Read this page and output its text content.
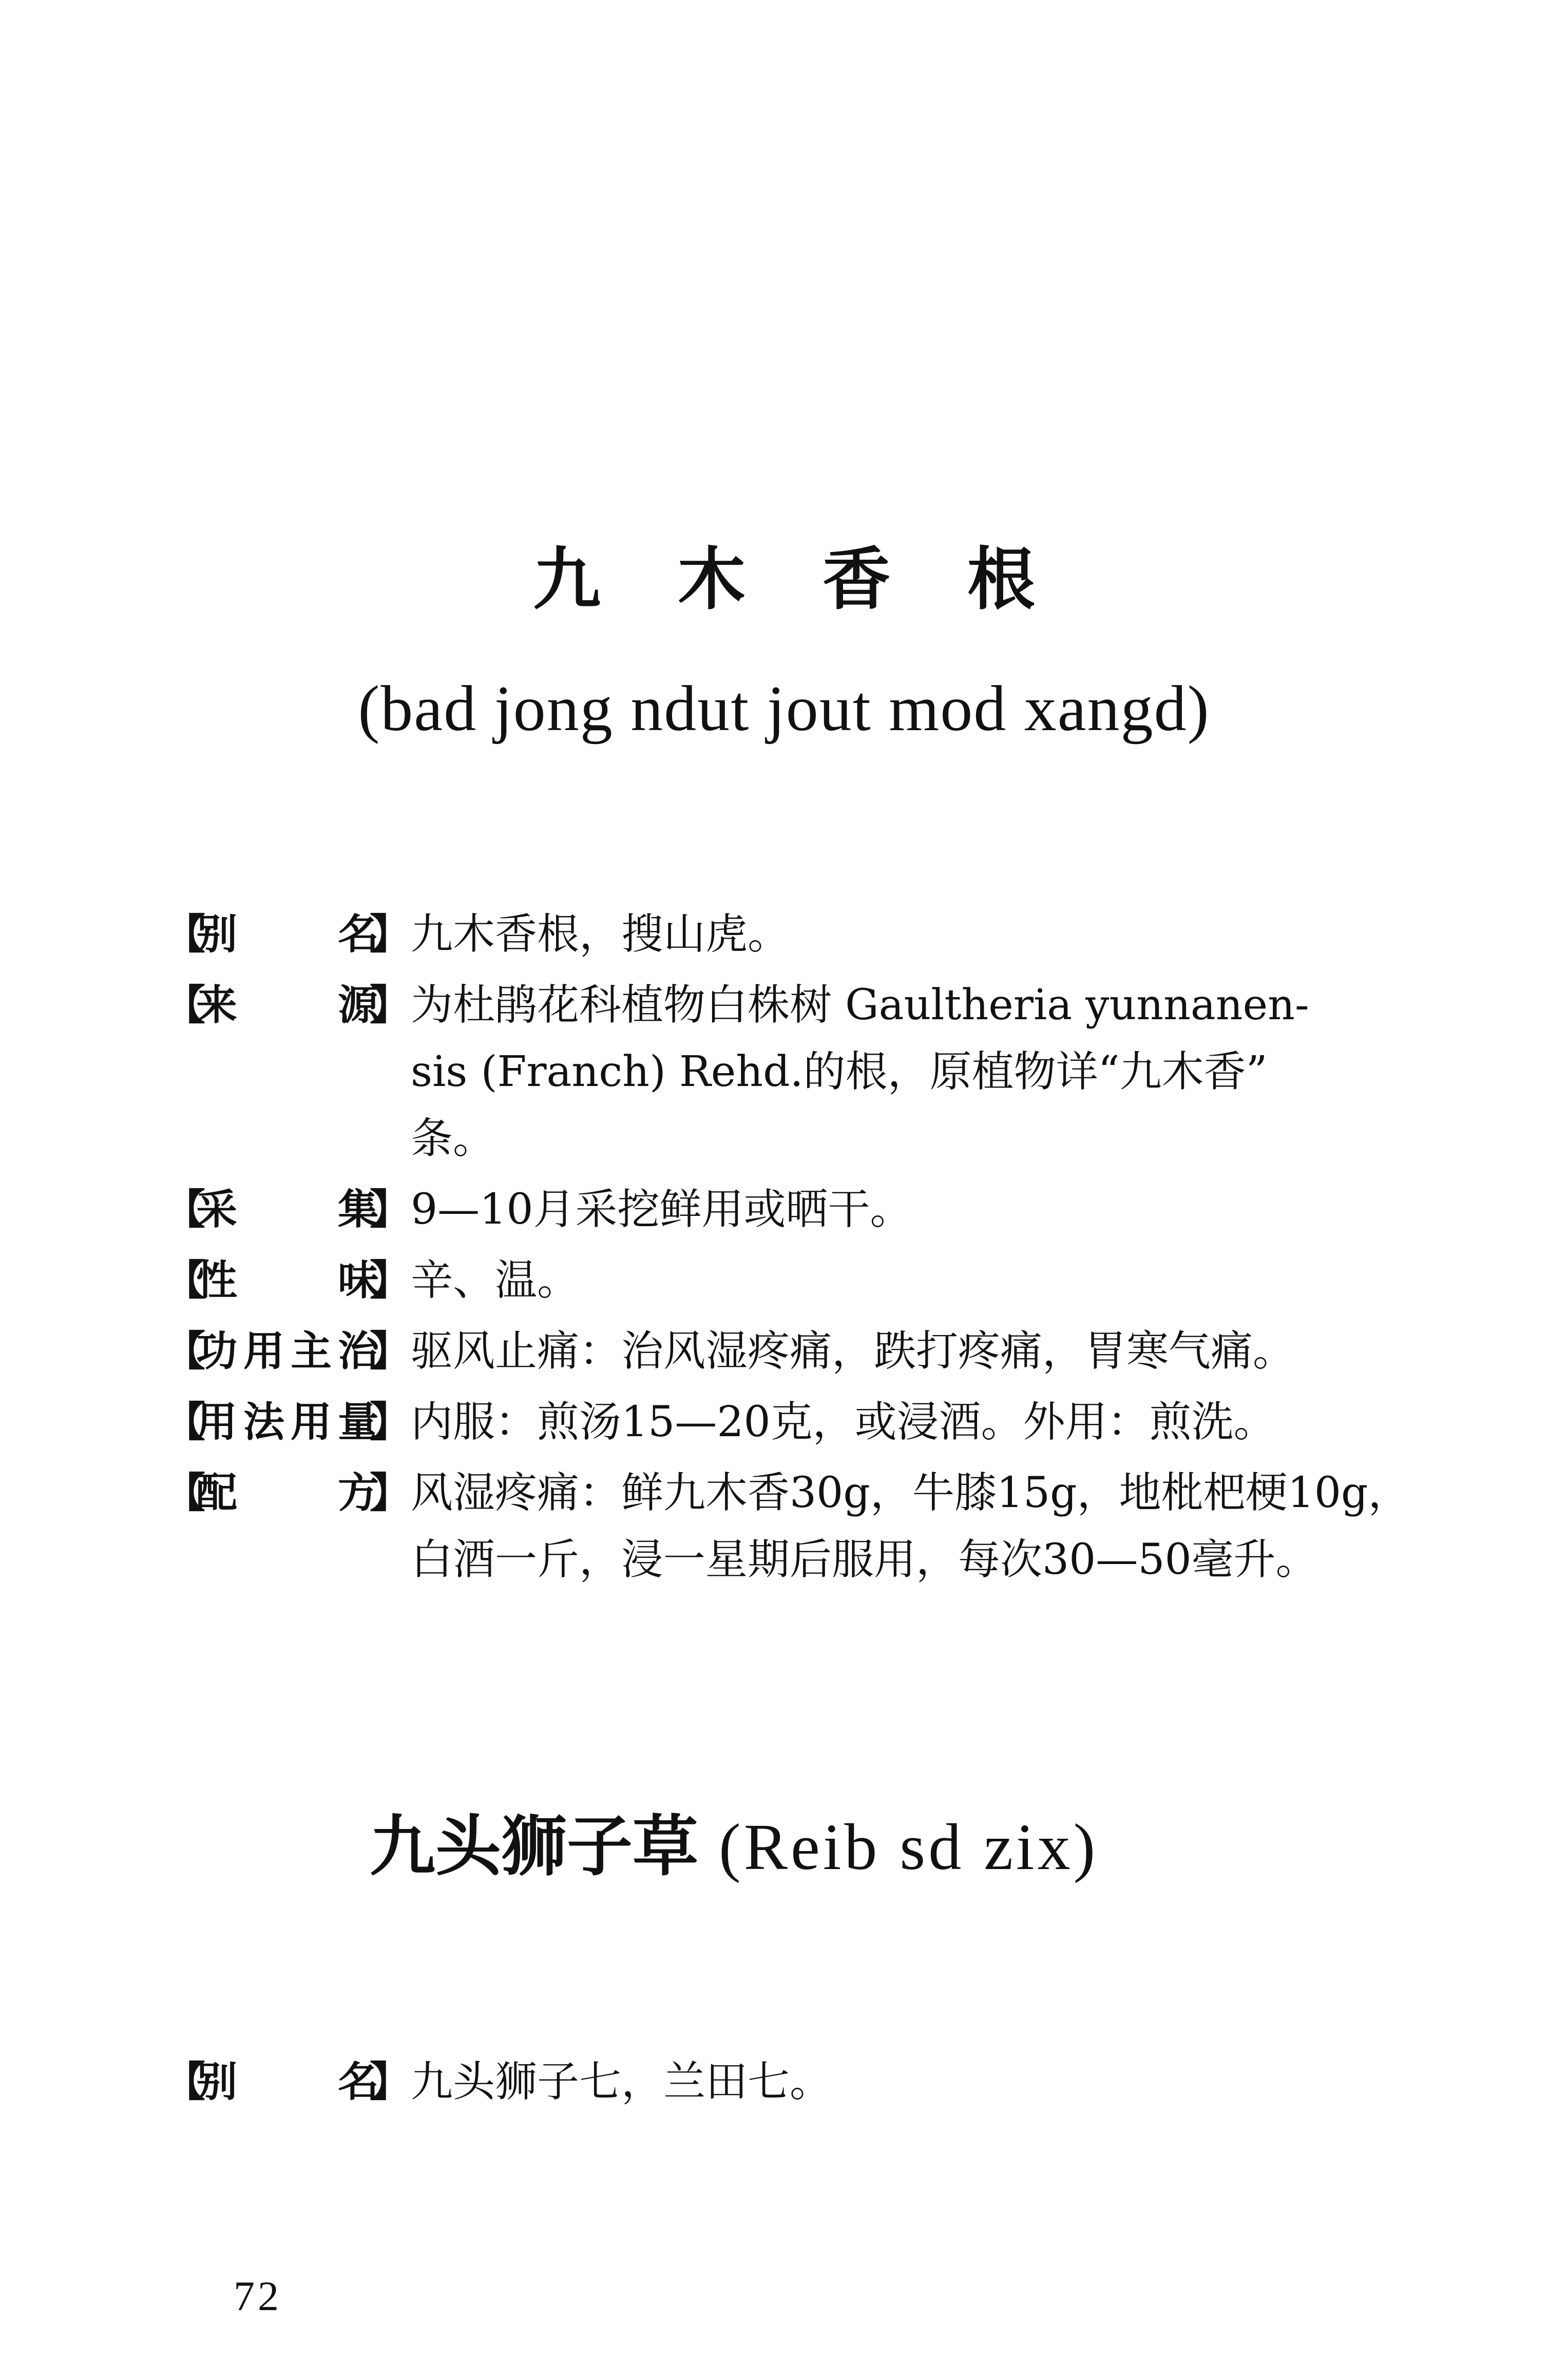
九木香根
(bad jong ndut jout mod xangd)
【
别 名
】 九木香根，搜山虎。
【
来 源
】 为杜鹃花科植物白株树 Gaultheria yunnanen-
sis (Franch) Rehd.的根，原植物详“九木香”
条。
【
采 集
】 9—10月采挖鲜用或晒干。
【
性 味
】 辛、温。
【
功 用 主 治
】 驱风止痛：治风湿疼痛，跌打疼痛，胃寒气痛。
【
用 法 用 量
】 内服：煎汤15—20克，或浸酒。外用：煎洗。
【
配 方
】 风湿疼痛：鲜九木香30g，牛膝15g，地枇杷梗10g，
白酒一斤，浸一星期后服用，每次30—50毫升。
九头狮子草 (Reib sd zix)
【
别 名
】 九头狮子七，兰田七。
72
